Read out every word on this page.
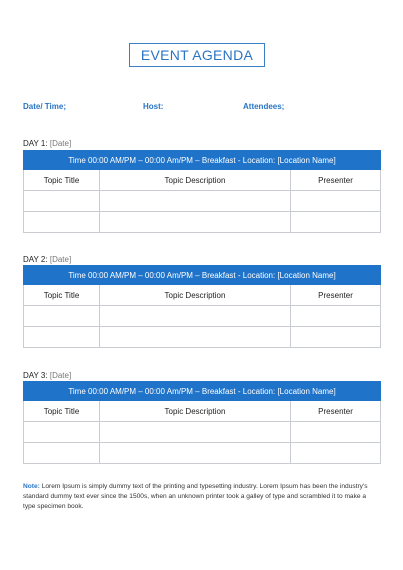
EVENT AGENDA
Date/ Time;	Host:	Attendees;
DAY 1: [Date]
Time 00:00 AM/PM – 00:00 Am/PM – Breakfast - Location: [Location Name]		
Topic Title	Topic Description	Presenter

DAY 2: [Date]
Time 00:00 AM/PM – 00:00 Am/PM – Breakfast - Location: [Location Name]		
Topic Title	Topic Description	Presenter

DAY 3: [Date]
Time 00:00 AM/PM – 00:00 Am/PM – Breakfast - Location: [Location Name]		
Topic Title	Topic Description	Presenter

Note: Lorem Ipsum is simply dummy text of the printing and typesetting industry. Lorem Ipsum has been the industry's standard dummy text ever since the 1500s, when an unknown printer took a galley of type and scrambled it to make a type specimen book.
